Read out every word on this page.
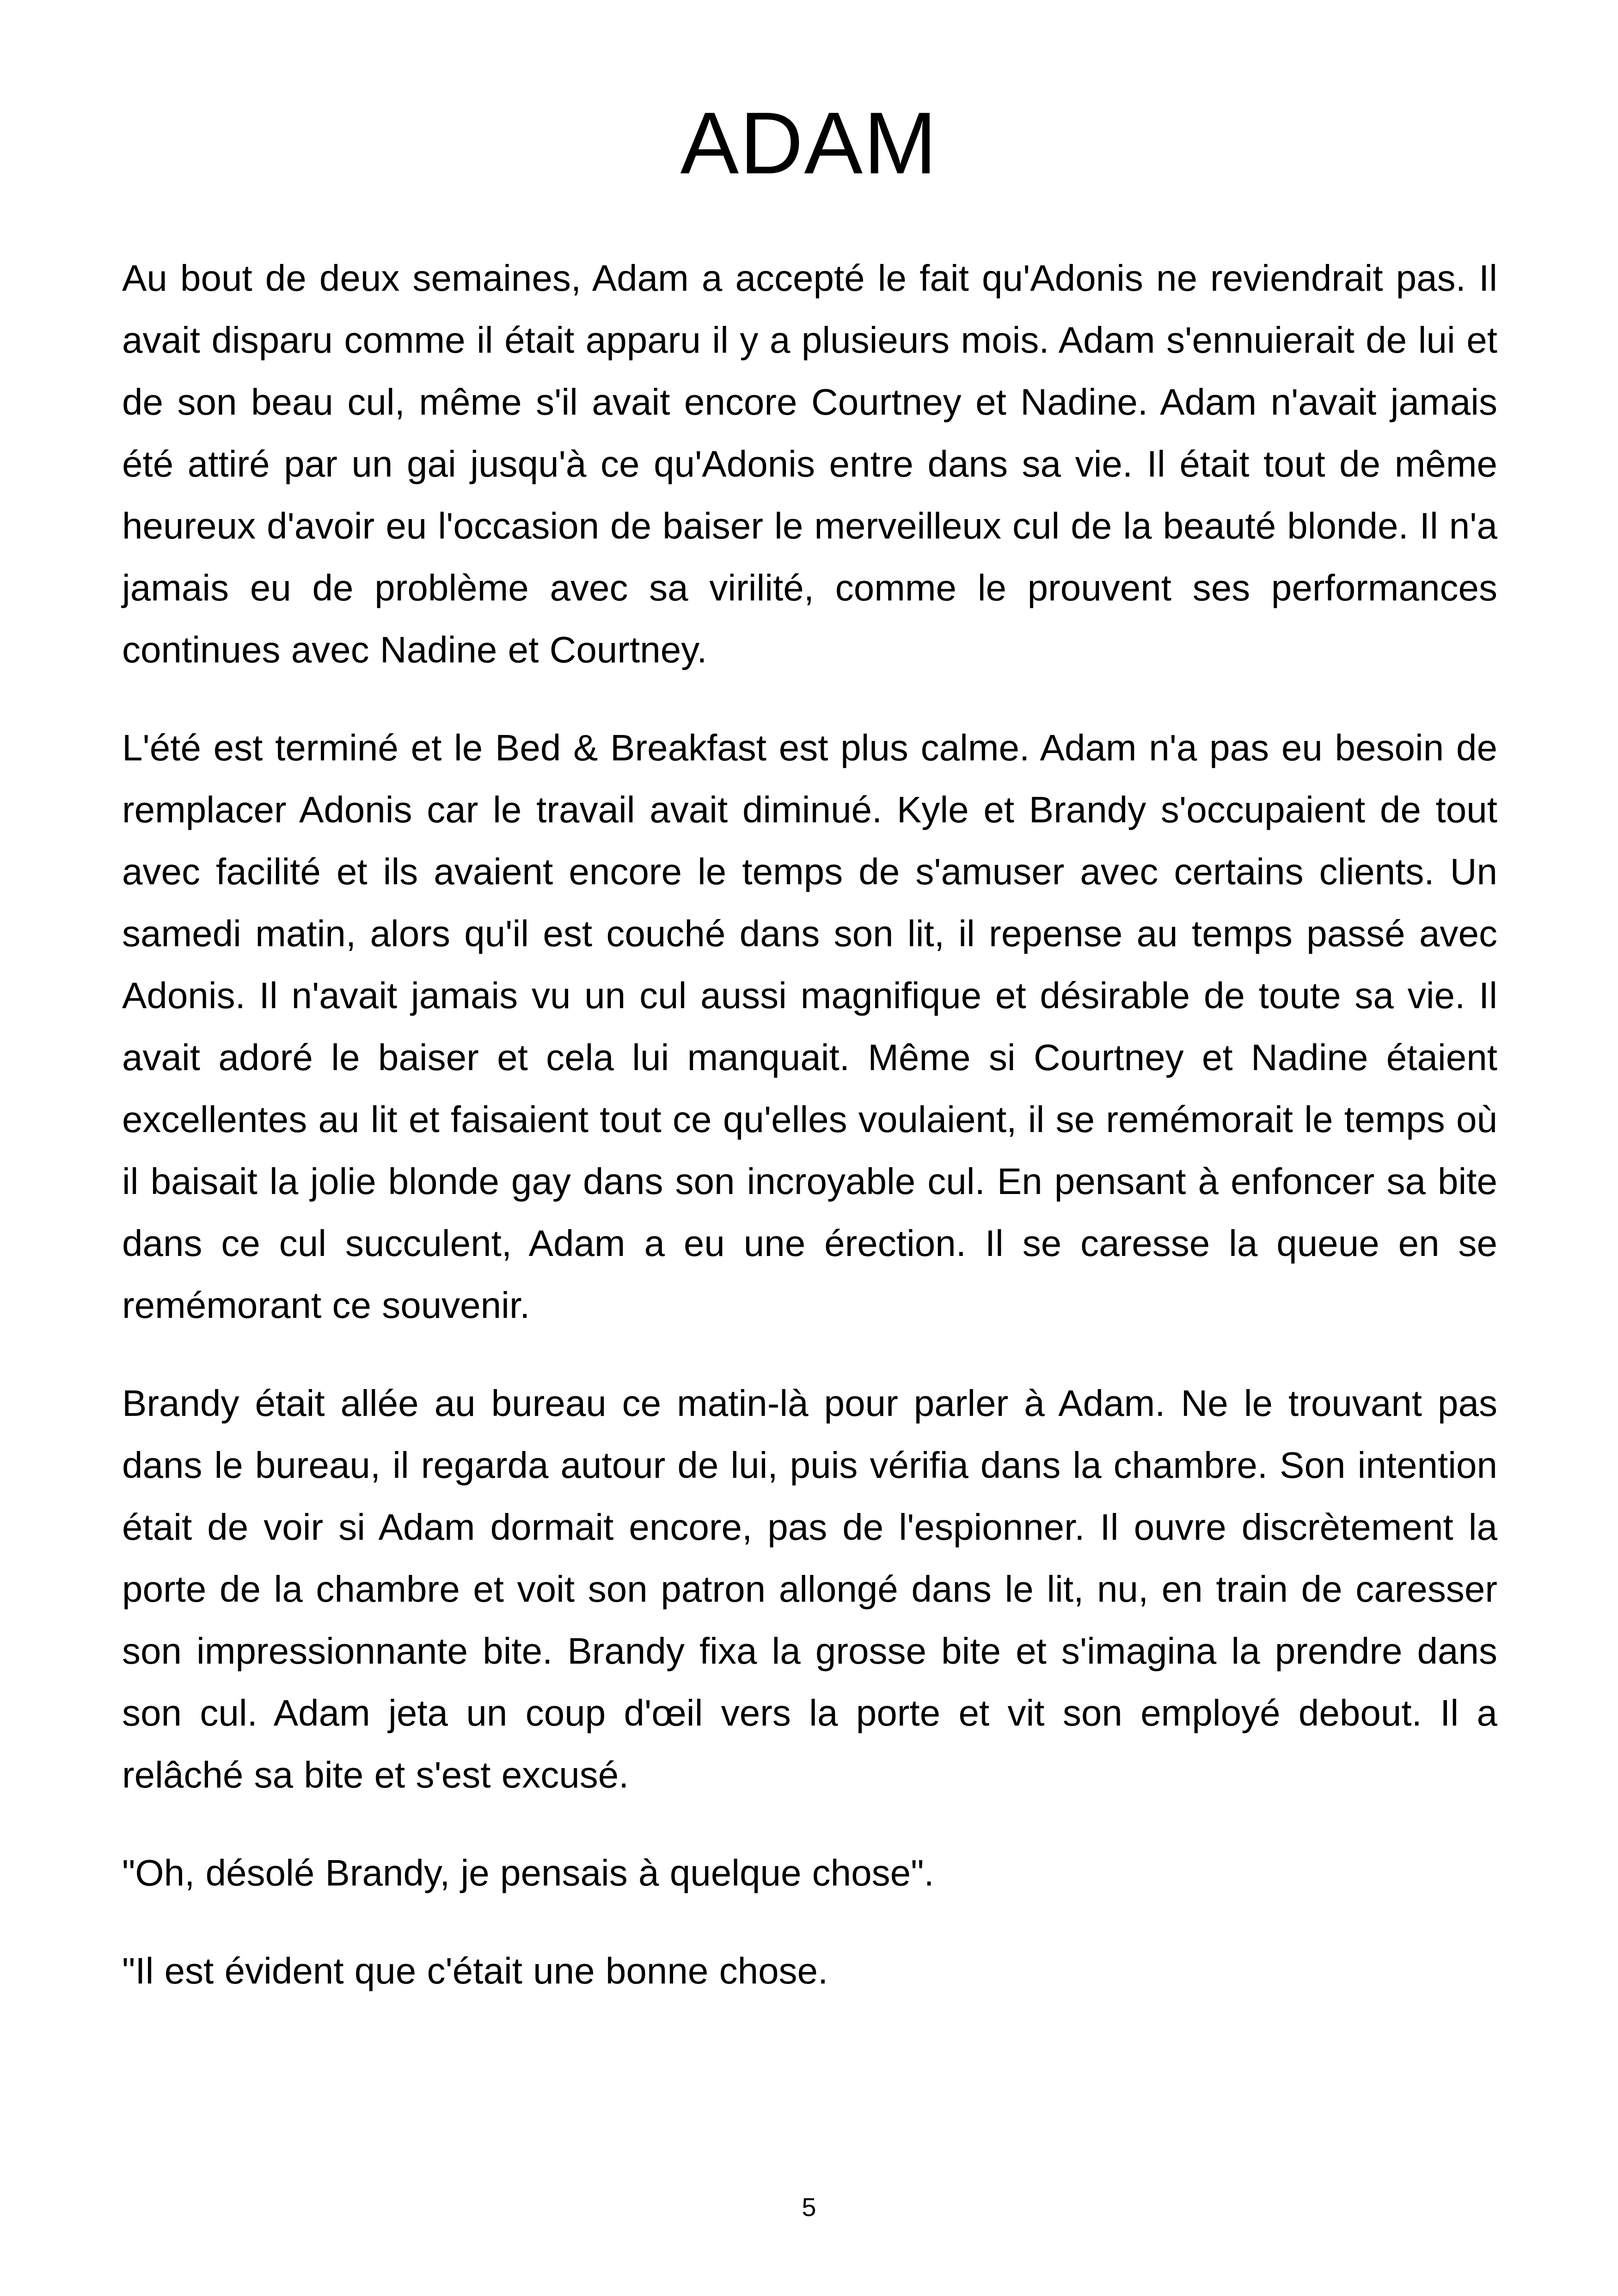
ADAM

Au bout de deux semaines, Adam a accepté le fait qu'Adonis ne reviendrait pas. Il avait disparu comme il était apparu il y a plusieurs mois. Adam s'ennuierait de lui et de son beau cul, même s'il avait encore Courtney et Nadine. Adam n'avait jamais été attiré par un gai jusqu'à ce qu'Adonis entre dans sa vie. Il était tout de même heureux d'avoir eu l'occasion de baiser le merveilleux cul de la beauté blonde. Il n'a jamais eu de problème avec sa virilité, comme le prouvent ses performances continues avec Nadine et Courtney.

L'été est terminé et le Bed & Breakfast est plus calme. Adam n'a pas eu besoin de remplacer Adonis car le travail avait diminué. Kyle et Brandy s'occupaient de tout avec facilité et ils avaient encore le temps de s'amuser avec certains clients. Un samedi matin, alors qu'il est couché dans son lit, il repense au temps passé avec Adonis. Il n'avait jamais vu un cul aussi magnifique et désirable de toute sa vie. Il avait adoré le baiser et cela lui manquait. Même si Courtney et Nadine étaient excellentes au lit et faisaient tout ce qu'elles voulaient, il se remémorait le temps où il baisait la jolie blonde gay dans son incroyable cul. En pensant à enfoncer sa bite dans ce cul succulent, Adam a eu une érection. Il se caresse la queue en se remémorant ce souvenir.

Brandy était allée au bureau ce matin-là pour parler à Adam. Ne le trouvant pas dans le bureau, il regarda autour de lui, puis vérifia dans la chambre. Son intention était de voir si Adam dormait encore, pas de l'espionner. Il ouvre discrètement la porte de la chambre et voit son patron allongé dans le lit, nu, en train de caresser son impressionnante bite. Brandy fixa la grosse bite et s'imagina la prendre dans son cul. Adam jeta un coup d'œil vers la porte et vit son employé debout. Il a relâché sa bite et s'est excusé.

"Oh, désolé Brandy, je pensais à quelque chose".

"Il est évident que c'était une bonne chose.

5
